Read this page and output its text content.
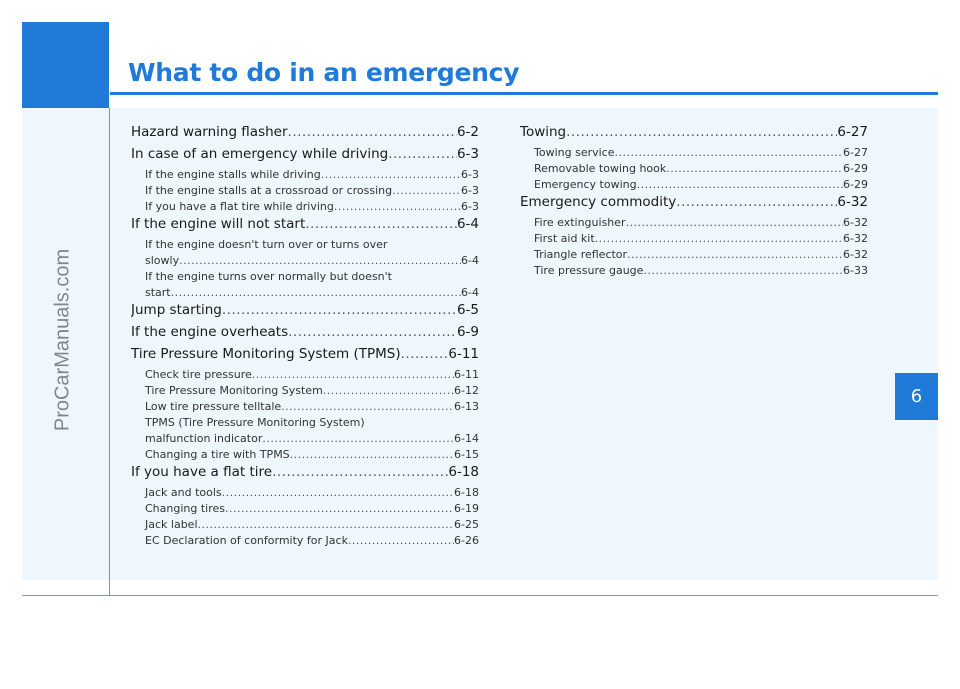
What to do in an emergency
ProCarManuals.com	6
Hazard warning flasher .....	6-2
In case of an emergency while driving .....	6-3
If the engine stalls while driving .....	6-3
If the engine stalls at a crossroad or crossing .....	6-3
If you have a flat tire while driving .....	6-3
If the engine will not start .....	6-4
If the engine doesn't turn over or turns over
slowly .....	6-4
If the engine turns over normally but doesn't
start .....	6-4
Jump starting .....	6-5
If the engine overheats .....	6-9
Tire Pressure Monitoring System (TPMS) .....	6-11
Check tire pressure .....	6-11
Tire Pressure Monitoring System .....	6-12
Low tire pressure telltale .....	6-13
TPMS (Tire Pressure Monitoring System)
malfunction indicator .....	6-14
Changing a tire with TPMS .....	6-15
If you have a flat tire .....	6-18
Jack and tools .....	6-18
Changing tires .....	6-19
Jack label .....	6-25
EC Declaration of conformity for Jack .....	6-26
Towing .....	6-27
Towing service .....	6-27
Removable towing hook .....	6-29
Emergency towing .....	6-29
Emergency commodity .....	6-32
Fire extinguisher .....	6-32
First aid kit .....	6-32
Triangle reflector .....	6-32
Tire pressure gauge .....	6-33
